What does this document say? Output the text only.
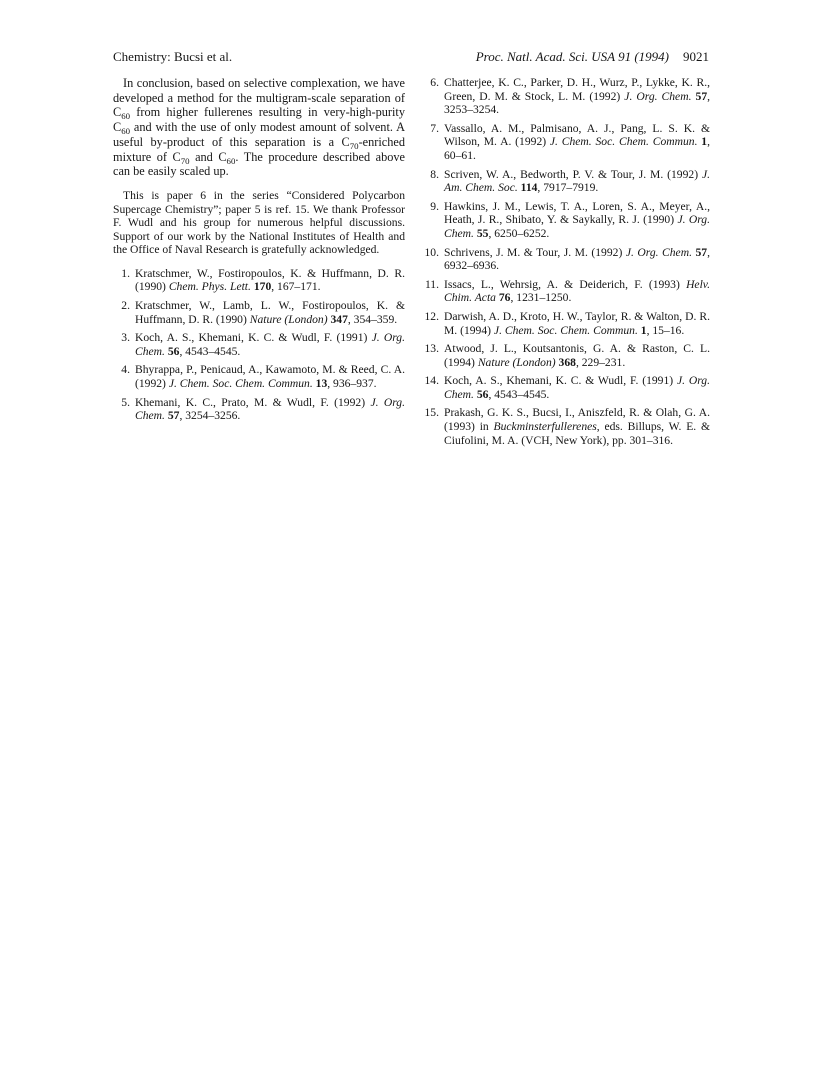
Chemistry: Bucsi et al.	Proc. Natl. Acad. Sci. USA 91 (1994) 9021

In conclusion, based on selective complexation, we have developed a method for the multigram-scale separation of $C_{60}$ from higher fullerenes resulting in very-high-purity $C_{60}$ and with the use of only modest amount of solvent. A useful by-product of this separation is a $C_{70}$-enriched mixture of $C_{70}$ and $C_{60}$. The procedure described above can be easily scaled up.

This is paper 6 in the series “Considered Polycarbon Supercage Chemistry”; paper 5 is ref. 15. We thank Professor F. Wudl and his group for numerous helpful discussions. Support of our work by the National Institutes of Health and the Office of Naval Research is gratefully acknowledged.

1. Kratschmer, W., Fostiropoulos, K. & Huffmann, D. R. (1990) Chem. Phys. Lett. 170, 167–171.
2. Kratschmer, W., Lamb, L. W., Fostiropoulos, K. & Huffmann, D. R. (1990) Nature (London) 347, 354–359.
3. Koch, A. S., Khemani, K. C. & Wudl, F. (1991) J. Org. Chem. 56, 4543–4545.
4. Bhyrappa, P., Penicaud, A., Kawamoto, M. & Reed, C. A. (1992) J. Chem. Soc. Chem. Commun. 13, 936–937.
5. Khemani, K. C., Prato, M. & Wudl, F. (1992) J. Org. Chem. 57, 3254–3256.
6. Chatterjee, K. C., Parker, D. H., Wurz, P., Lykke, K. R., Green, D. M. & Stock, L. M. (1992) J. Org. Chem. 57, 3253–3254.
7. Vassallo, A. M., Palmisano, A. J., Pang, L. S. K. & Wilson, M. A. (1992) J. Chem. Soc. Chem. Commun. 1, 60–61.
8. Scriven, W. A., Bedworth, P. V. & Tour, J. M. (1992) J. Am. Chem. Soc. 114, 7917–7919.
9. Hawkins, J. M., Lewis, T. A., Loren, S. A., Meyer, A., Heath, J. R., Shibato, Y. & Saykally, R. J. (1990) J. Org. Chem. 55, 6250–6252.
10. Schrivens, J. M. & Tour, J. M. (1992) J. Org. Chem. 57, 6932–6936.
11. Issacs, L., Wehrsig, A. & Deiderich, F. (1993) Helv. Chim. Acta 76, 1231–1250.
12. Darwish, A. D., Kroto, H. W., Taylor, R. & Walton, D. R. M. (1994) J. Chem. Soc. Chem. Commun. 1, 15–16.
13. Atwood, J. L., Koutsantonis, G. A. & Raston, C. L. (1994) Nature (London) 368, 229–231.
14. Koch, A. S., Khemani, K. C. & Wudl, F. (1991) J. Org. Chem. 56, 4543–4545.
15. Prakash, G. K. S., Bucsi, I., Aniszfeld, R. & Olah, G. A. (1993) in Buckminsterfullerenes, eds. Billups, W. E. & Ciufolini, M. A. (VCH, New York), pp. 301–316.
